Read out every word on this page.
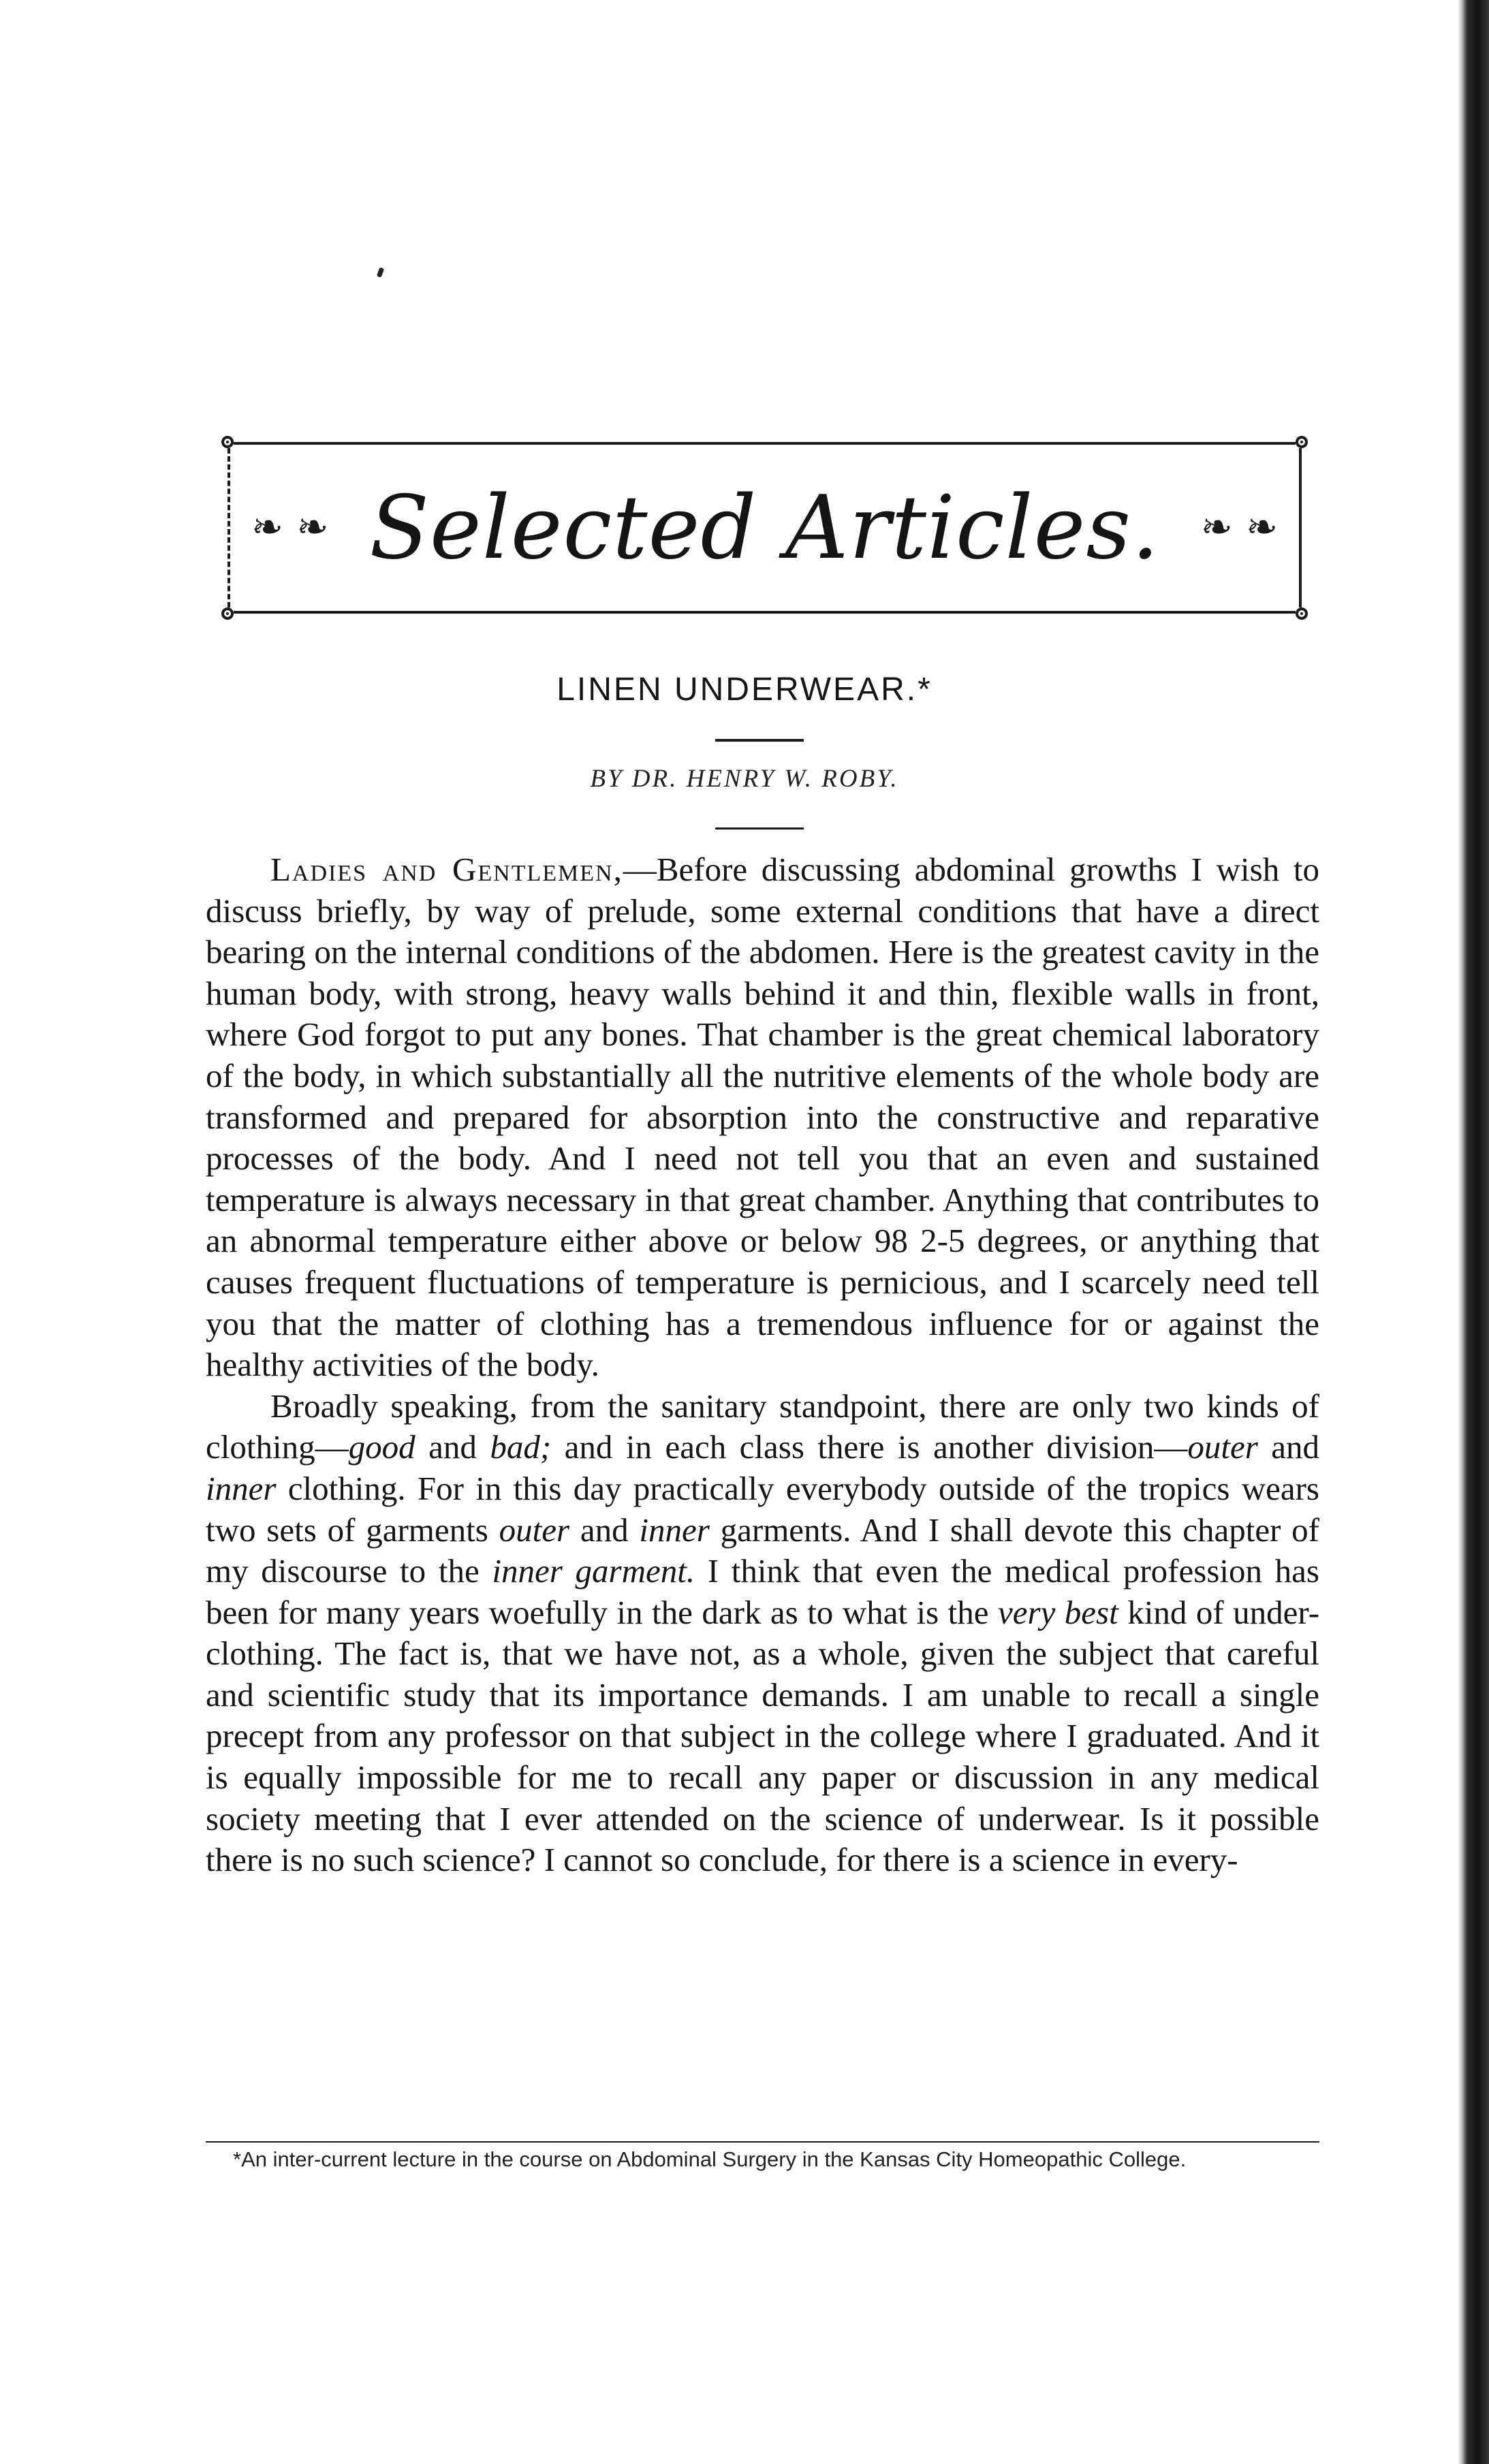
❧ ❧ Selected Articles. ❧ ❧
LINEN UNDERWEAR.*
BY DR. HENRY W. ROBY.

Ladies and Gentlemen,—Before discussing abdominal growths I wish to discuss briefly, by way of prelude, some external conditions that have a direct bearing on the internal conditions of the abdomen. Here is the greatest cavity in the human body, with strong, heavy walls behind it and thin, flexible walls in front, where God forgot to put any bones. That chamber is the great chemical laboratory of the body, in which substantially all the nutritive elements of the whole body are transformed and prepared for absorption into the constructive and reparative processes of the body. And I need not tell you that an even and sustained temperature is always necessary in that great chamber. Anything that contributes to an abnormal temperature either above or below 98 2-5 degrees, or anything that causes frequent fluctuations of temperature is pernicious, and I scarcely need tell you that the matter of clothing has a tremendous influence for or against the healthy activities of the body.

Broadly speaking, from the sanitary standpoint, there are only two kinds of clothing—good and bad; and in each class there is another division—outer and inner clothing. For in this day practically everybody outside of the tropics wears two sets of garments outer and inner garments. And I shall devote this chapter of my discourse to the inner garment. I think that even the medical profession has been for many years woefully in the dark as to what is the very best kind of under-clothing. The fact is, that we have not, as a whole, given the subject that careful and scientific study that its importance demands. I am unable to recall a single precept from any professor on that subject in the college where I graduated. And it is equally impossible for me to recall any paper or discussion in any medical society meeting that I ever attended on the science of underwear. Is it possible there is no such science? I cannot so conclude, for there is a science in every-

*An inter-current lecture in the course on Abdominal Surgery in the Kansas City Homeopathic College.
